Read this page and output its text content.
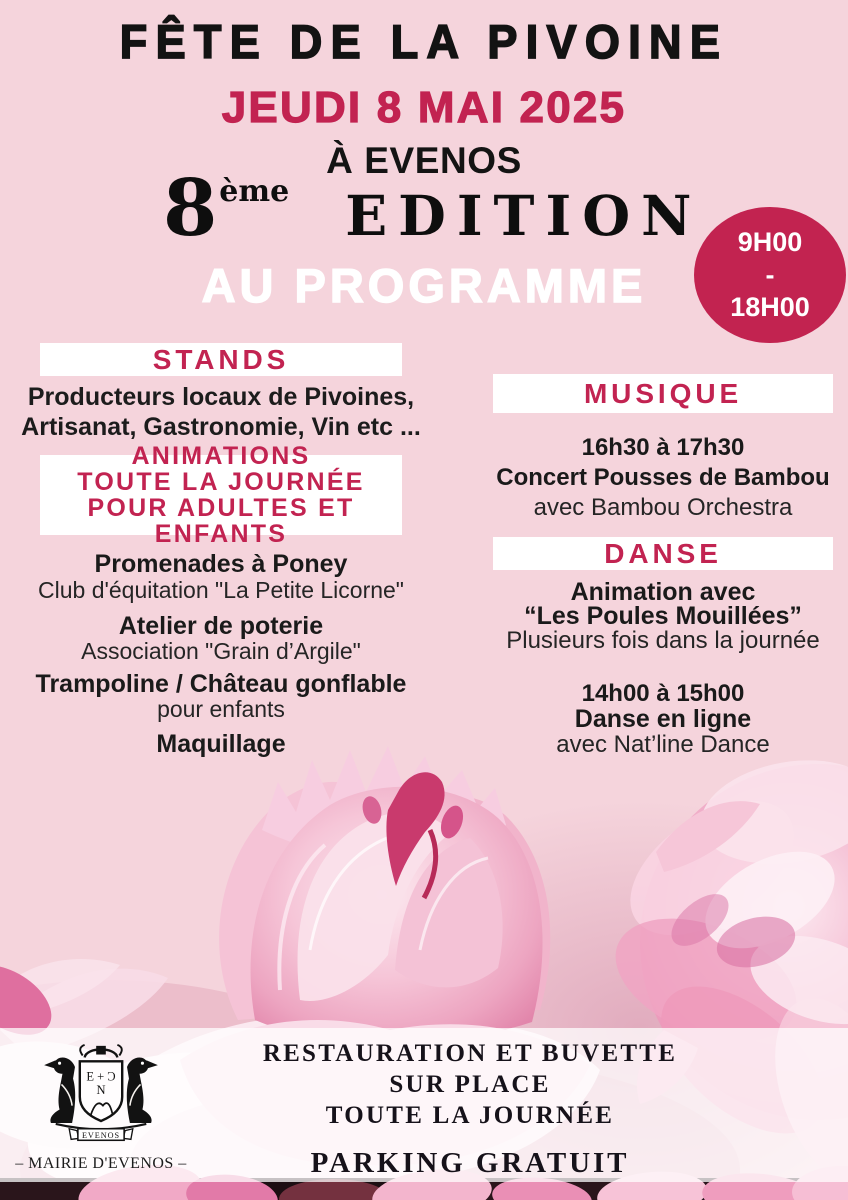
FÊTE DE LA PIVOINE
JEUDI 8 MAI 2025
À EVENOS
8 ème EDITION
AU PROGRAMME
9H00
-
18H00
STANDS
Producteurs locaux de Pivoines,
Artisanat, Gastronomie, Vin etc ...
ANIMATIONS
TOUTE LA JOURNÉE
POUR ADULTES ET ENFANTS
Promenades à Poney
Club d'équitation "La Petite Licorne"
Atelier de poterie
Association "Grain d’Argile"
Trampoline / Château gonflable
pour enfants
Maquillage
MUSIQUE
16h30 à 17h30
Concert Pousses de Bambou
avec Bambou Orchestra
DANSE
Animation avec
“Les Poules Mouillées”
Plusieurs fois dans la journée
14h00 à 15h00
Danse en ligne
avec Nat’line Dance
E + Ɔ
N
EVENOS
– MAIRIE D'EVENOS –
RESTAURATION ET BUVETTE
SUR PLACE
TOUTE LA JOURNÉE
PARKING GRATUIT
